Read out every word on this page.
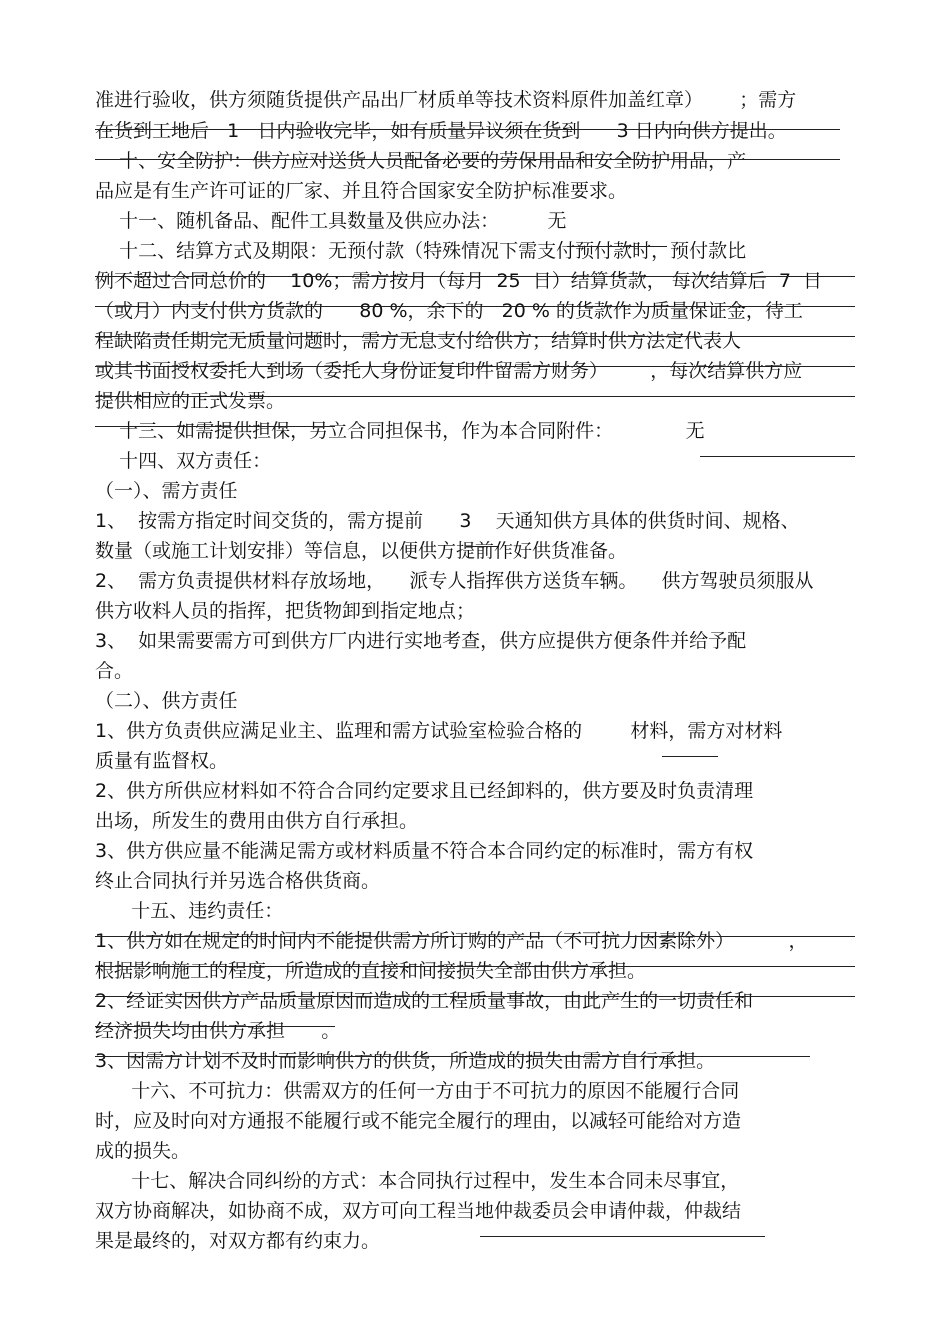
准进行验收，供方须随货提供产品出厂材质单等技术资料原件加盖红章）      ；需方
在货到工地后   1   日内验收完毕，如有质量异议须在货到      3 日内向供方提出。
十、安全防护：供方应对送货人员配备必要的劳保用品和安全防护用品，产
品应是有生产许可证的厂家、并且符合国家安全防护标准要求。
十一、随机备品、配件工具数量及供应办法：        无
十二、结算方式及期限：无预付款（特殊情况下需支付预付款时，预付款比
例不超过合同总价的    10%；需方按月（每月  25  日）结算货款， 每次结算后  7  日
（或月）内支付供方货款的      80 %，余下的   20 % 的货款作为质量保证金，待工
程缺陷责任期完无质量问题时，需方无息支付给供方；结算时供方法定代表人
或其书面授权委托人到场（委托人身份证复印件留需方财务）       ，每次结算供方应
提供相应的正式发票。
十三、如需提供担保，另立合同担保书，作为本合同附件：            无
十四、双方责任：
（一）、需方责任
1、  按需方指定时间交货的，需方提前      3    天通知供方具体的供货时间、规格、
数量（或施工计划安排）等信息，以便供方提前作好供货准备。
2、  需方负责提供材料存放场地，    派专人指挥供方送货车辆。    供方驾驶员须服从
供方收料人员的指挥，把货物卸到指定地点；
3、  如果需要需方可到供方厂内进行实地考查，供方应提供方便条件并给予配
合。
（二）、供方责任
1、供方负责供应满足业主、监理和需方试验室检验合格的        材料，需方对材料
质量有监督权。
2、供方所供应材料如不符合合同约定要求且已经卸料的，供方要及时负责清理
出场，所发生的费用由供方自行承担。
3、供方供应量不能满足需方或材料质量不符合本合同约定的标准时，需方有权
终止合同执行并另选合格供货商。
十五、违约责任：
1、供方如在规定的时间内不能提供需方所订购的产品（不可抗力因素除外）         ，
根据影响施工的程度，所造成的直接和间接损失全部由供方承担。
2、经证实因供方产品质量原因而造成的工程质量事故，由此产生的一切责任和
经济损失均由供方承担      。
3、因需方计划不及时而影响供方的供货，所造成的损失由需方自行承担。
十六、不可抗力：供需双方的任何一方由于不可抗力的原因不能履行合同
时，应及时向对方通报不能履行或不能完全履行的理由，以减轻可能给对方造
成的损失。
十七、解决合同纠纷的方式：本合同执行过程中，发生本合同未尽事宜，
双方协商解决，如协商不成，双方可向工程当地仲裁委员会申请仲裁，仲裁结
果是最终的，对双方都有约束力。
